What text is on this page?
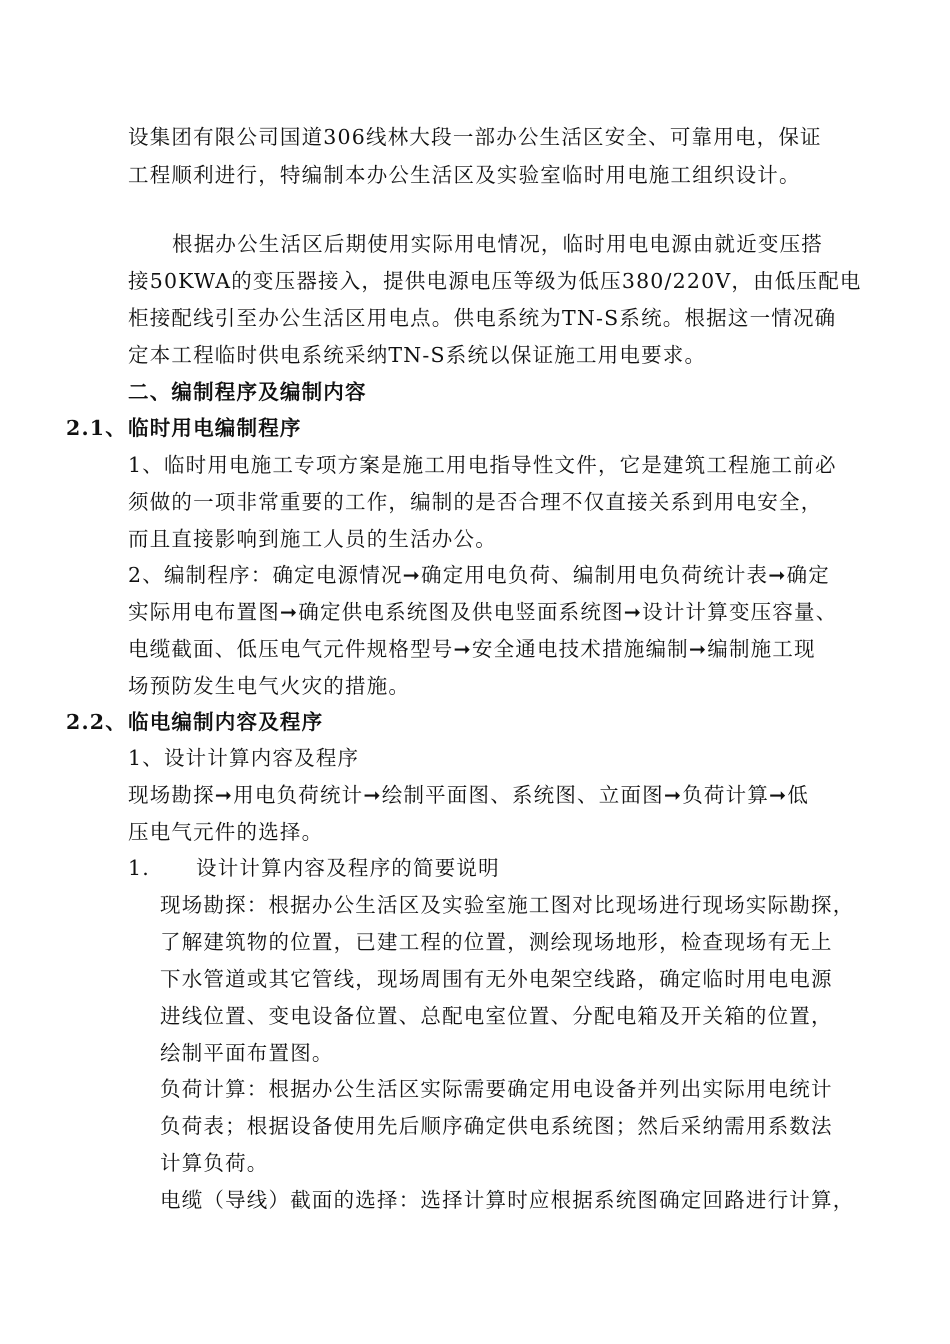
设集团有限公司国道306线林大段一部办公生活区安全、可靠用电，保证
工程顺利进行，特编制本办公生活区及实验室临时用电施工组织设计。
根据办公生活区后期使用实际用电情况，临时用电电源由就近变压搭
接50KWA的变压器接入，提供电源电压等级为低压380/220V，由低压配电
柜接配线引至办公生活区用电点。供电系统为TN-S系统。根据这一情况确
定本工程临时供电系统采纳TN-S系统以保证施工用电要求。
二、编制程序及编制内容
2.1、 临时用电编制程序
1、临时用电施工专项方案是施工用电指导性文件，它是建筑工程施工前必
须做的一项非常重要的工作，编制的是否合理不仅直接关系到用电安全，
而且直接影响到施工人员的生活办公。
2、编制程序：确定电源情况➞确定用电负荷、编制用电负荷统计表➞确定
实际用电布置图➞确定供电系统图及供电竖面系统图➞设计计算变压容量、
电缆截面、低压电气元件规格型号➞安全通电技术措施编制➞编制施工现
场预防发生电气火灾的措施。
2.2、 临电编制内容及程序
1、设计计算内容及程序
现场勘探➞用电负荷统计➞绘制平面图、系统图、立面图➞负荷计算➞低
压电气元件的选择。
1. 设计计算内容及程序的简要说明
现场勘探：根据办公生活区及实验室施工图对比现场进行现场实际勘探，
了解建筑物的位置，已建工程的位置，测绘现场地形，检查现场有无上
下水管道或其它管线，现场周围有无外电架空线路，确定临时用电电源
进线位置、变电设备位置、总配电室位置、分配电箱及开关箱的位置，
绘制平面布置图。
负荷计算：根据办公生活区实际需要确定用电设备并列出实际用电统计
负荷表；根据设备使用先后顺序确定供电系统图；然后采纳需用系数法
计算负荷。
电缆（导线）截面的选择：选择计算时应根据系统图确定回路进行计算，
